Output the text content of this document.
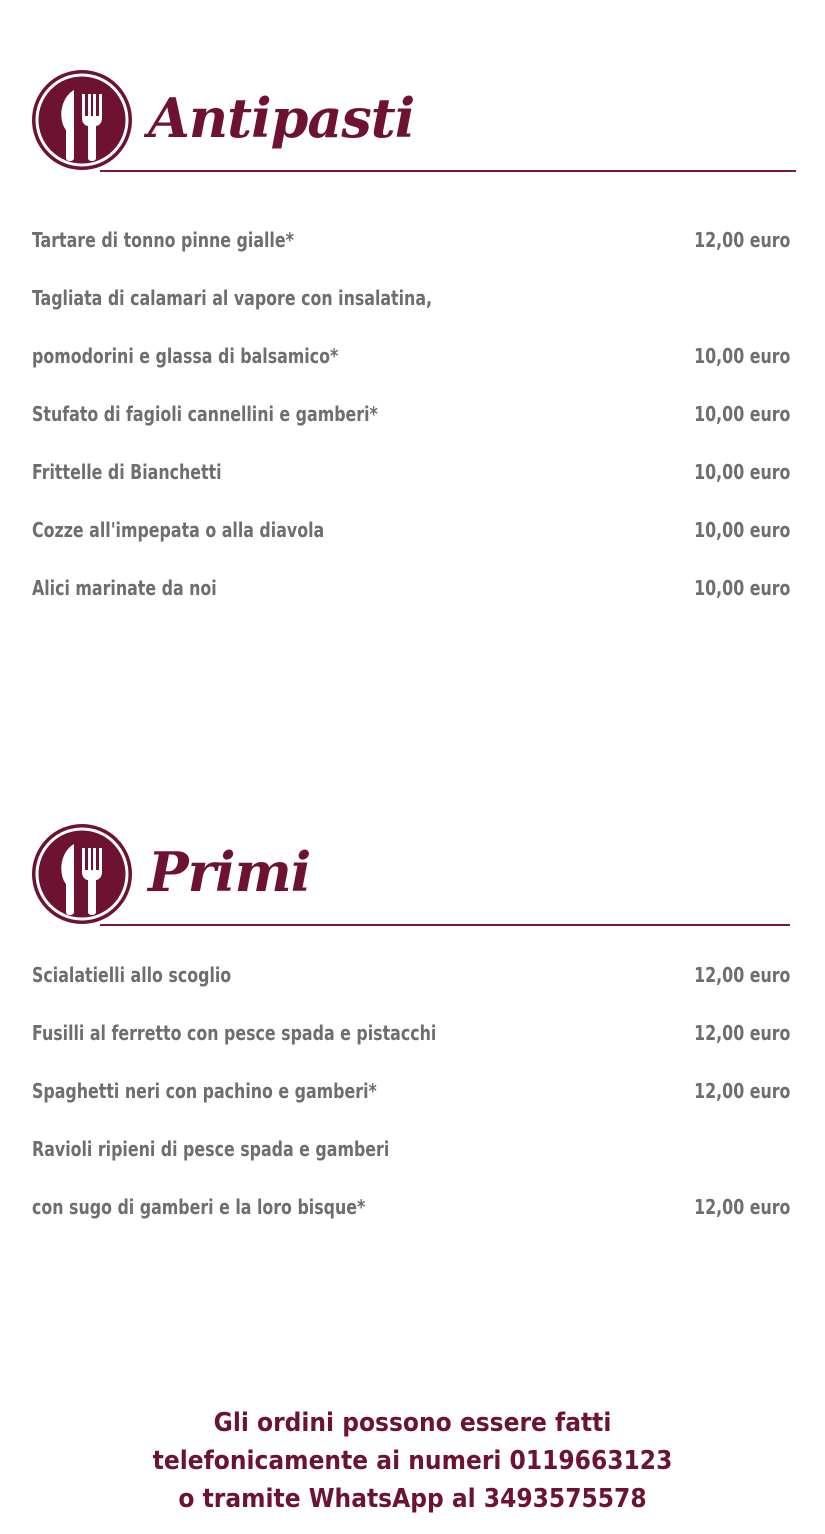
Antipasti
Tartare di tonno pinne gialle*	12,00 euro
Tagliata di calamari al vapore con insalatina,
pomodorini e glassa di balsamico*	10,00 euro
Stufato di fagioli cannellini e gamberi*	10,00 euro
Frittelle di Bianchetti	10,00 euro
Cozze all'impepata o alla diavola	10,00 euro
Alici marinate da noi	10,00 euro
Primi
Scialatielli allo scoglio	12,00 euro
Fusilli al ferretto con pesce spada e pistacchi	12,00 euro
Spaghetti neri con pachino e gamberi*	12,00 euro
Ravioli ripieni di pesce spada e gamberi
con sugo di gamberi e la loro bisque*	12,00 euro
Gli ordini possono essere fatti
telefonicamente ai numeri 0119663123
o tramite WhatsApp al 3493575578
